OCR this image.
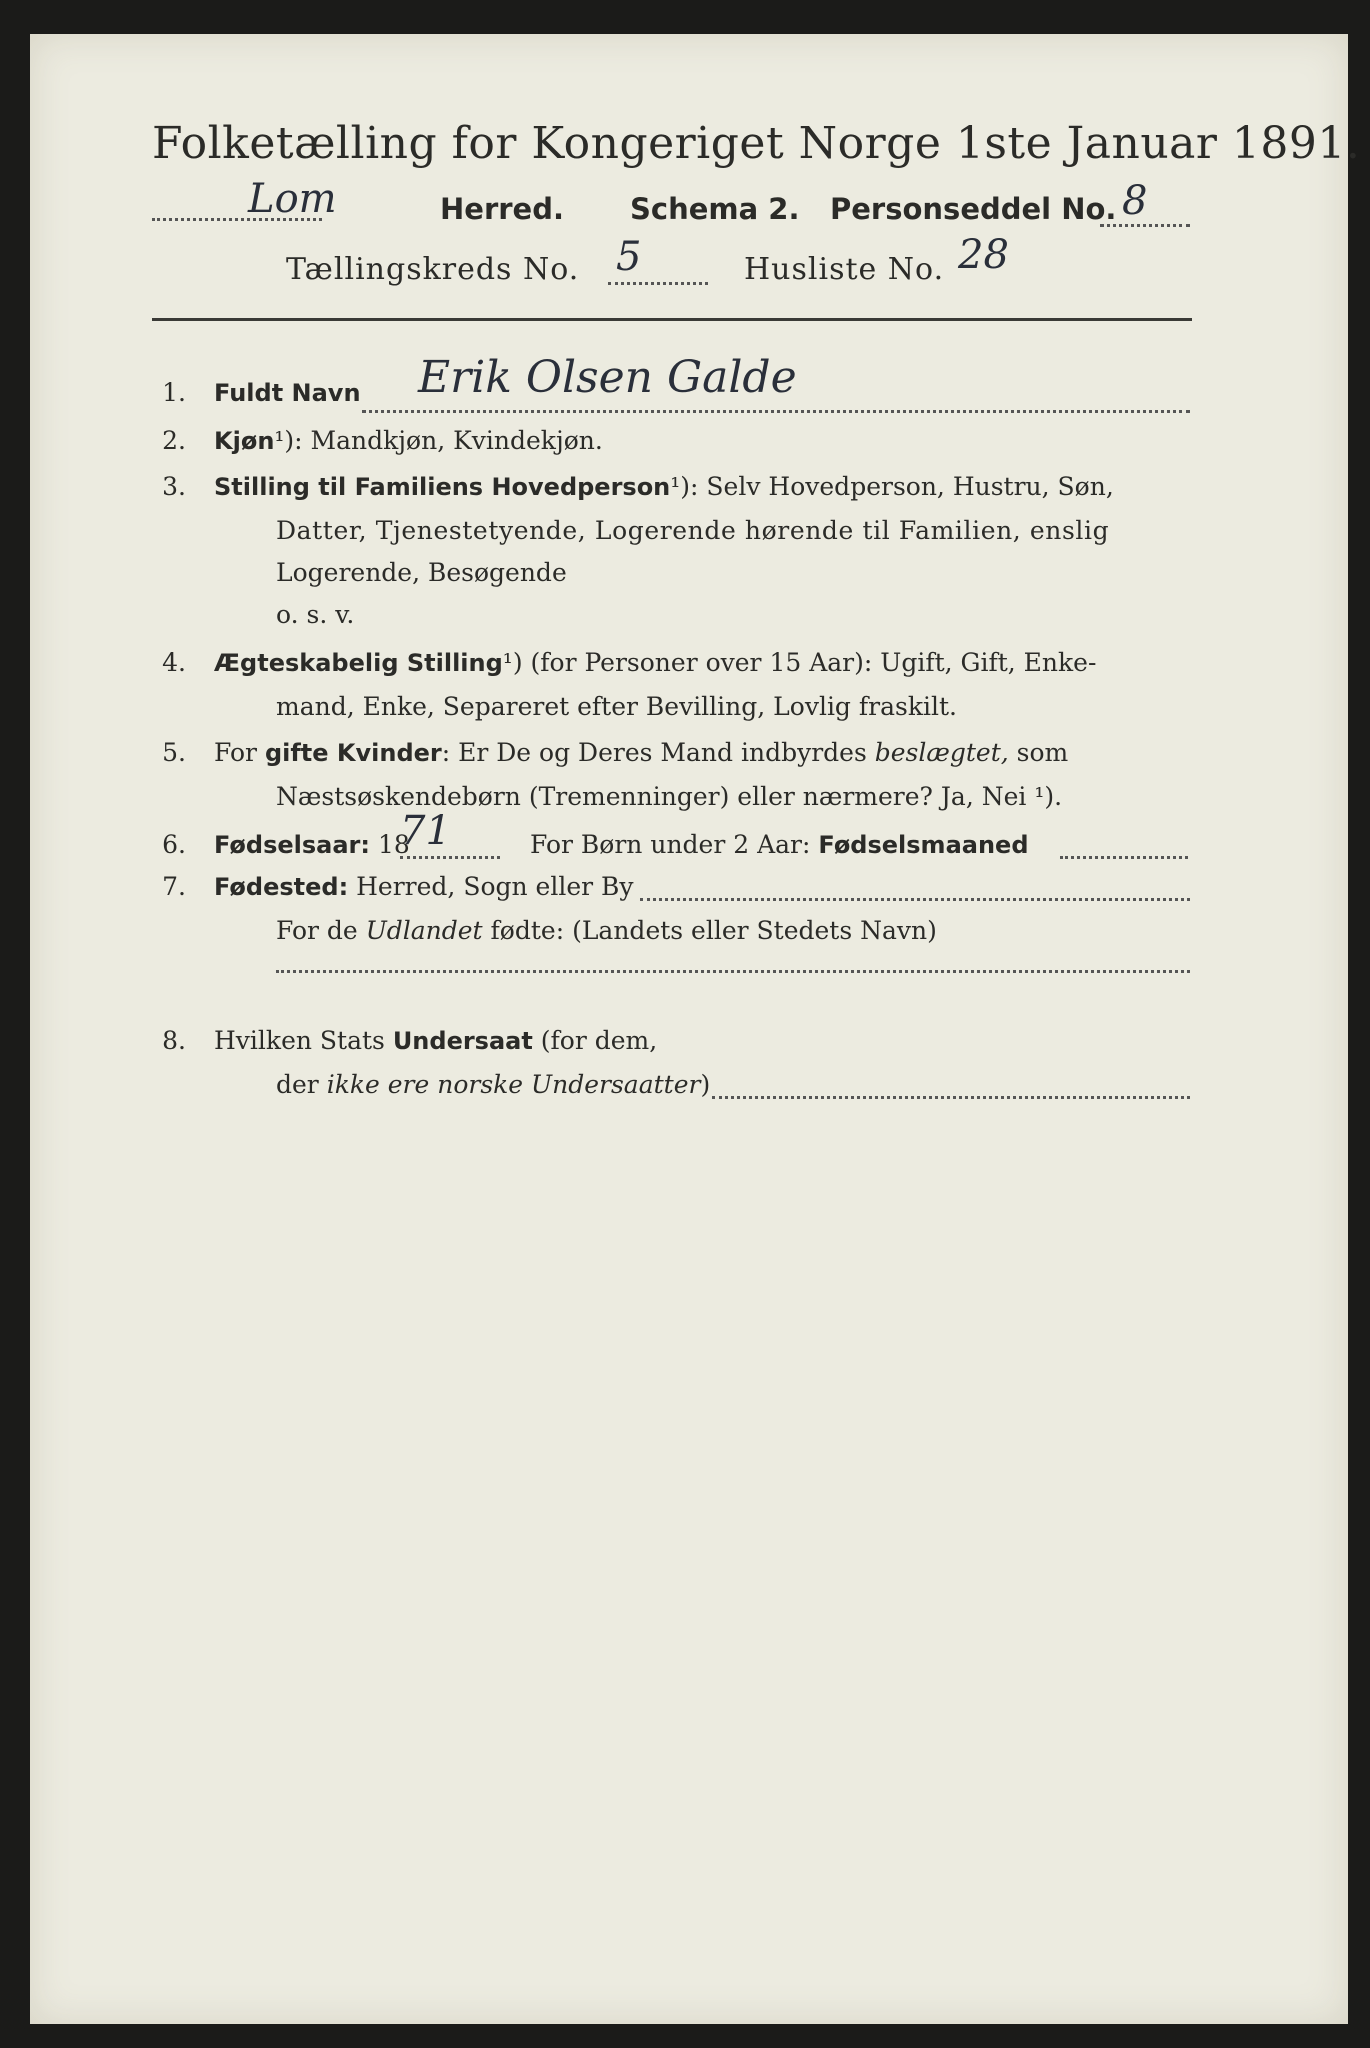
Folketælling for Kongeriget Norge 1ste Januar 1891.
Lom	Herred. Schema 2. Personseddel No. 8
Tællingskreds No. 5	Husliste No. 28
1. Fuldt Navn Erik Olsen Galde
2. Kjøn¹): Mandkjøn, Kvindekjøn.
3. Stilling til Familiens Hovedperson¹): Selv Hovedperson, Hustru, Søn,
Datter, Tjenestetyende, Logerende hørende til Familien, enslig
Logerende, Besøgende
o. s. v.
4. Ægteskabelig Stilling¹) (for Personer over 15 Aar): Ugift, Gift, Enke-
mand, Enke, Separeret efter Bevilling, Lovlig fraskilt.
5. For gifte Kvinder: Er De og Deres Mand indbyrdes beslægtet, som
Næstsøskendebørn (Tremenninger) eller nærmere? Ja, Nei ¹).
6. Fødselsaar: 18
71	For Børn under 2 Aar: Fødselsmaaned
7. Fødested: Herred, Sogn eller By
For de Udlandet fødte: (Landets eller Stedets Navn)
8. Hvilken Stats Undersaat (for dem,
der ikke ere norske Undersaatter)
